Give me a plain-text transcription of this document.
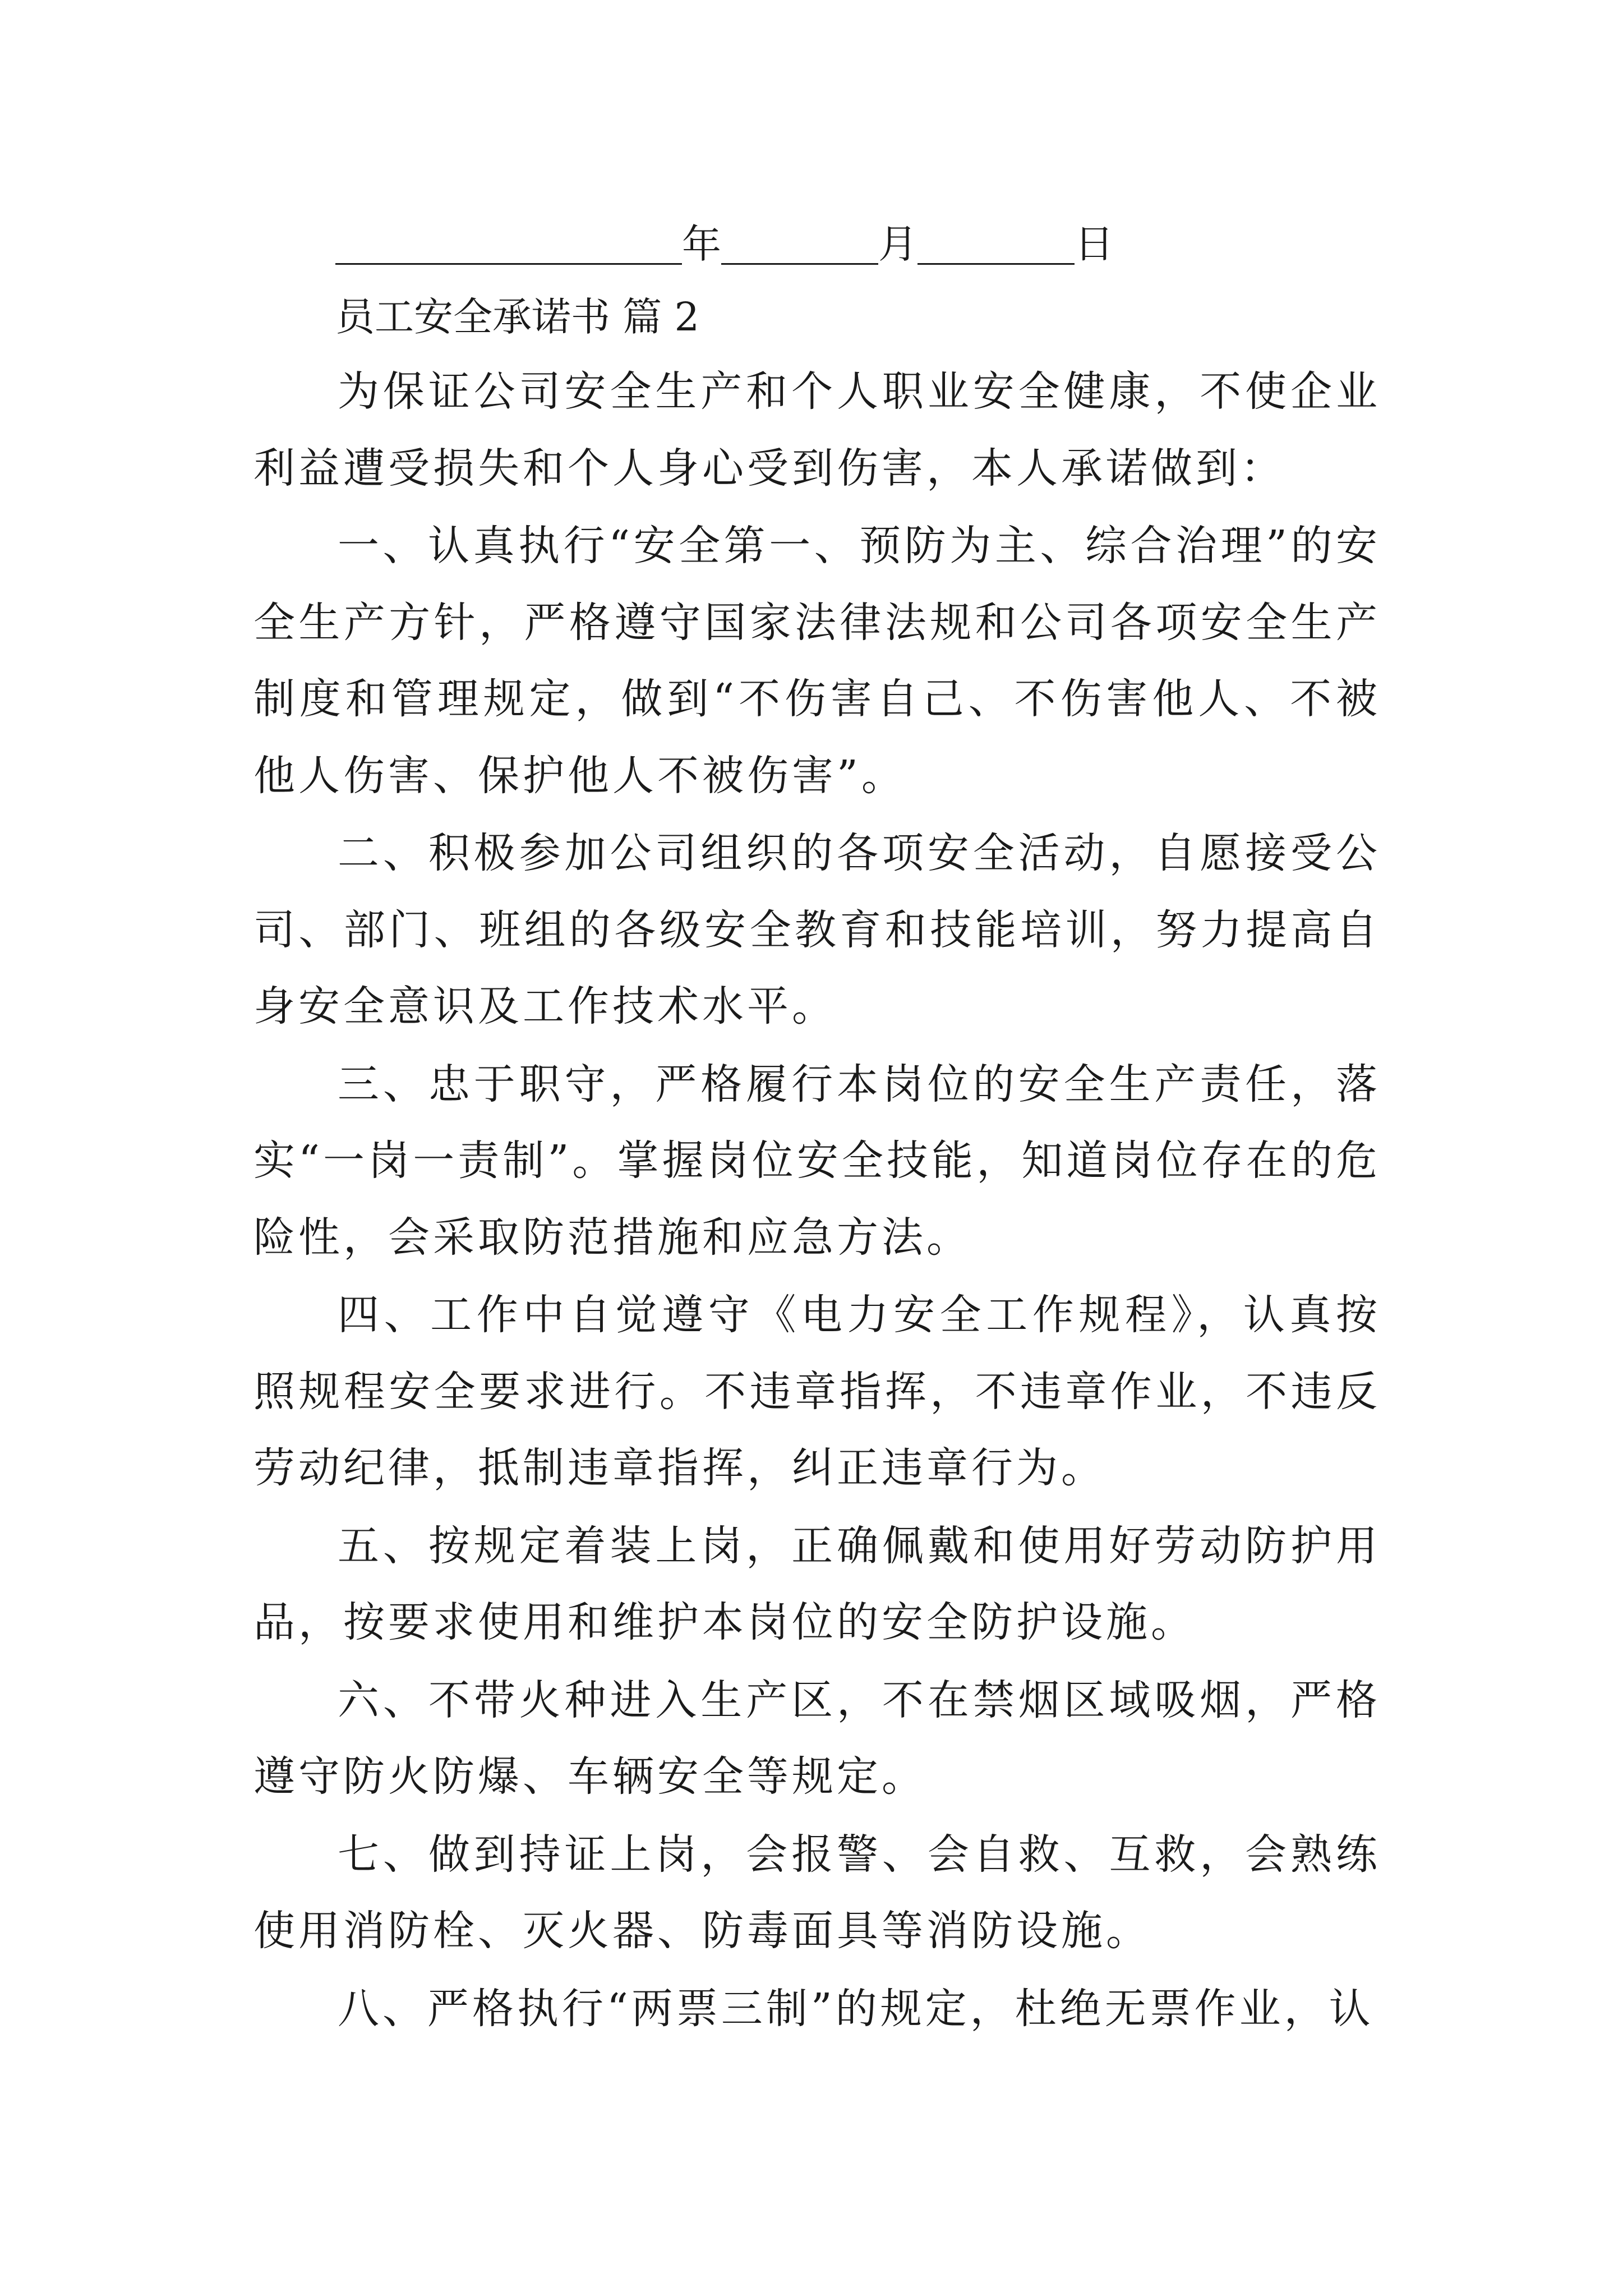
年	月	日
员工安全承诺书 篇 2

为保证公司安全生产和个人职业安全健康，不使企业利益遭受损失和个人身心受到伤害，本人承诺做到：

一、认真执行“安全第一、预防为主、综合治理”的安全生产方针，严格遵守国家法律法规和公司各项安全生产制度和管理规定，做到“不伤害自己、不伤害他人、不被他人伤害、保护他人不被伤害”。

二、积极参加公司组织的各项安全活动，自愿接受公司、部门、班组的各级安全教育和技能培训，努力提高自身安全意识及工作技术水平。

三、忠于职守，严格履行本岗位的安全生产责任，落实“一岗一责制”。掌握岗位安全技能，知道岗位存在的危险性，会采取防范措施和应急方法。

四、工作中自觉遵守《电力安全工作规程》，认真按照规程安全要求进行。不违章指挥，不违章作业，不违反劳动纪律，抵制违章指挥，纠正违章行为。

五、按规定着装上岗，正确佩戴和使用好劳动防护用品，按要求使用和维护本岗位的安全防护设施。

六、不带火种进入生产区，不在禁烟区域吸烟，严格遵守防火防爆、车辆安全等规定。

七、做到持证上岗，会报警、会自救、互救，会熟练使用消防栓、灭火器、防毒面具等消防设施。

八、严格执行“两票三制”的规定，杜绝无票作业，认
